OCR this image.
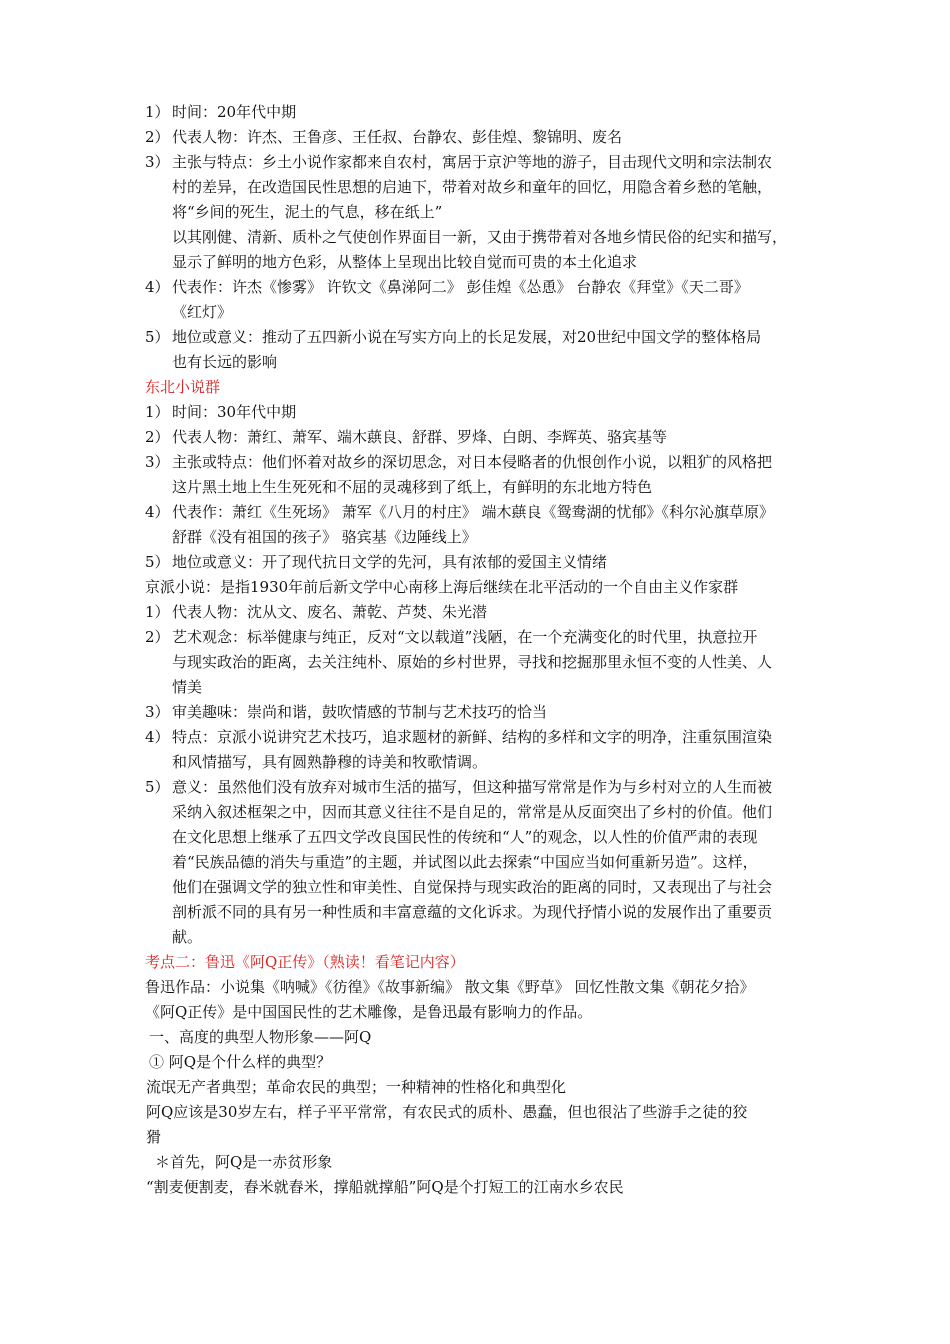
1） 时间：20年代中期
2） 代表人物：许杰、王鲁彦、王任叔、台静农、彭佳煌、黎锦明、废名
3） 主张与特点：乡土小说作家都来自农村，寓居于京沪等地的游子，目击现代文明和宗法制农
村的差异，在改造国民性思想的启迪下，带着对故乡和童年的回忆，用隐含着乡愁的笔触，
将“乡间的死生，泥土的气息，移在纸上”
以其刚健、清新、质朴之气使创作界面目一新，又由于携带着对各地乡情民俗的纪实和描写，
显示了鲜明的地方色彩，从整体上呈现出比较自觉而可贵的本土化追求
4） 代表作：许杰《惨雾》 许钦文《鼻涕阿二》 彭佳煌《怂恿》 台静农《拜堂》《天二哥》
《红灯》
5） 地位或意义：推动了五四新小说在写实方向上的长足发展，对20世纪中国文学的整体格局
也有长远的影响
东北小说群
1） 时间：30年代中期
2） 代表人物：萧红、萧军、端木蕻良、舒群、罗烽、白朗、李辉英、骆宾基等
3） 主张或特点：他们怀着对故乡的深切思念，对日本侵略者的仇恨创作小说，以粗犷的风格把
这片黑土地上生生死死和不屈的灵魂移到了纸上，有鲜明的东北地方特色
4） 代表作：萧红《生死场》 萧军《八月的村庄》 端木蕻良《鸳鸯湖的忧郁》《科尔沁旗草原》
舒群《没有祖国的孩子》 骆宾基《边陲线上》
5） 地位或意义：开了现代抗日文学的先河，具有浓郁的爱国主义情绪
京派小说：是指1930年前后新文学中心南移上海后继续在北平活动的一个自由主义作家群
1） 代表人物：沈从文、废名、萧乾、芦焚、朱光潜
2） 艺术观念：标举健康与纯正，反对“文以载道”浅陋，在一个充满变化的时代里，执意拉开
与现实政治的距离，去关注纯朴、原始的乡村世界，寻找和挖掘那里永恒不变的人性美、人
情美
3） 审美趣味：崇尚和谐，鼓吹情感的节制与艺术技巧的恰当
4） 特点：京派小说讲究艺术技巧，追求题材的新鲜、结构的多样和文字的明净，注重氛围渲染
和风情描写，具有圆熟静穆的诗美和牧歌情调。
5） 意义：虽然他们没有放弃对城市生活的描写，但这种描写常常是作为与乡村对立的人生而被
采纳入叙述框架之中，因而其意义往往不是自足的，常常是从反面突出了乡村的价值。他们
在文化思想上继承了五四文学改良国民性的传统和“人”的观念，以人性的价值严肃的表现
着“民族品德的消失与重造”的主题，并试图以此去探索“中国应当如何重新另造”。这样，
他们在强调文学的独立性和审美性、自觉保持与现实政治的距离的同时，又表现出了与社会
剖析派不同的具有另一种性质和丰富意蕴的文化诉求。为现代抒情小说的发展作出了重要贡
献。
考点二：鲁迅《阿Q正传》（熟读！看笔记内容）
鲁迅作品：小说集《呐喊》《彷徨》《故事新编》 散文集《野草》 回忆性散文集《朝花夕拾》
《阿Q正传》是中国国民性的艺术雕像，是鲁迅最有影响力的作品。
一、高度的典型人物形象——阿Q
① 阿Q是个什么样的典型？
流氓无产者典型；革命农民的典型；一种精神的性格化和典型化
阿Q应该是30岁左右，样子平平常常，有农民式的质朴、愚蠢，但也很沾了些游手之徒的狡
猾
＊首先，阿Q是一赤贫形象
“割麦便割麦，舂米就舂米，撑船就撑船”阿Q是个打短工的江南水乡农民
